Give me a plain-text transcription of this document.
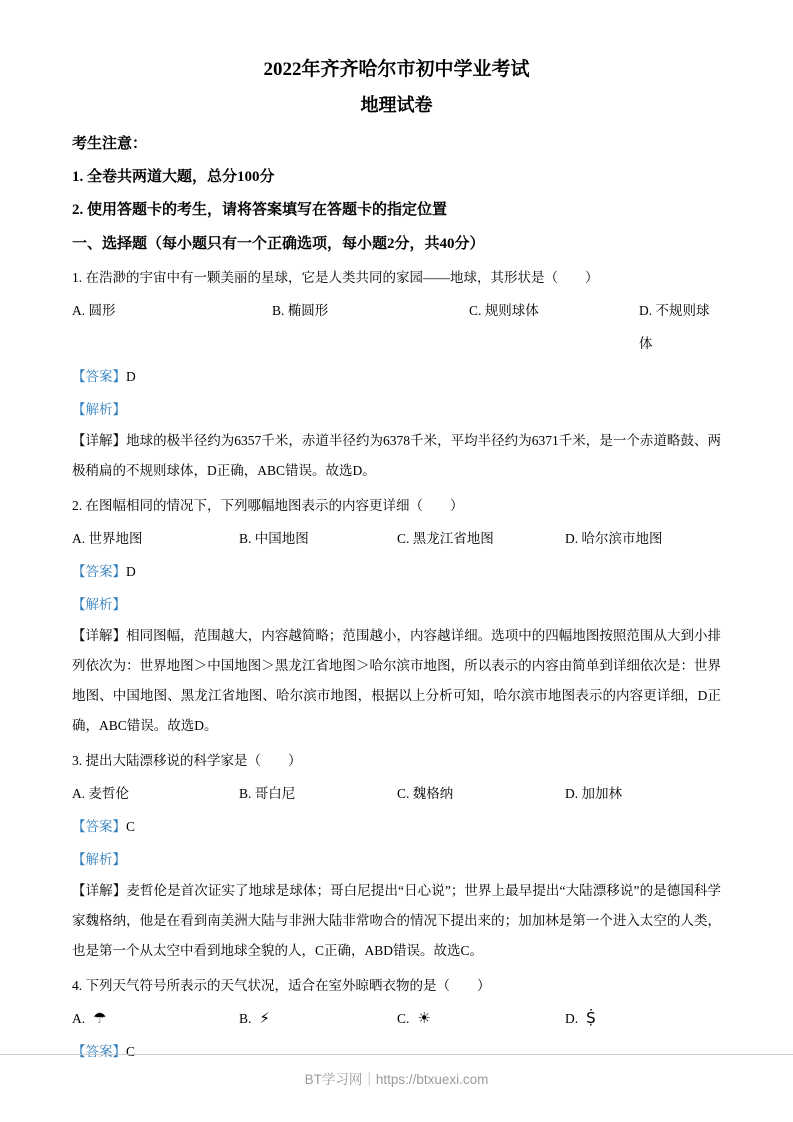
2022年齐齐哈尔市初中学业考试
地理试卷
考生注意：
1. 全卷共两道大题，总分100分
2. 使用答题卡的考生，请将答案填写在答题卡的指定位置
一、选择题（每小题只有一个正确选项，每小题2分，共40分）
1. 在浩渺的宇宙中有一颗美丽的星球，它是人类共同的家园——地球，其形状是（　　）
A. 圆形	B. 椭圆形	C. 规则球体	D. 不规则球体
【答案】D
【解析】

【详解】地球的极半径约为6357千米，赤道半径约为6378千米，平均半径约为6371千米，是一个赤道略鼓、两极稍扁的不规则球体，D正确，ABC错误。故选D。

2. 在图幅相同的情况下，下列哪幅地图表示的内容更详细（　　）
A. 世界地图	B. 中国地图	C. 黑龙江省地图	D. 哈尔滨市地图
【答案】D
【解析】

【详解】相同图幅，范围越大，内容越简略；范围越小，内容越详细。选项中的四幅地图按照范围从大到小排列依次为：世界地图＞中国地图＞黑龙江省地图＞哈尔滨市地图，所以表示的内容由简单到详细依次是：世界地图、中国地图、黑龙江省地图、哈尔滨市地图，根据以上分析可知，哈尔滨市地图表示的内容更详细，D正确，ABC错误。故选D。

3. 提出大陆漂移说的科学家是（　　）
A. 麦哲伦	B. 哥白尼	C. 魏格纳	D. 加加林
【答案】C
【解析】

【详解】麦哲伦是首次证实了地球是球体；哥白尼提出“日心说”；世界上最早提出“大陆漂移说”的是德国科学家魏格纳，他是在看到南美洲大陆与非洲大陆非常吻合的情况下提出来的；加加林是第一个进入太空的人类，也是第一个从太空中看到地球全貌的人，C正确，ABD错误。故选C。

4. 下列天气符号所表示的天气状况，适合在室外晾晒衣物的是（　　）
A. ☂	B. ⚡	C. ☀	D. Ṩ
【答案】C
BT学习网｜https://btxuexi.com
